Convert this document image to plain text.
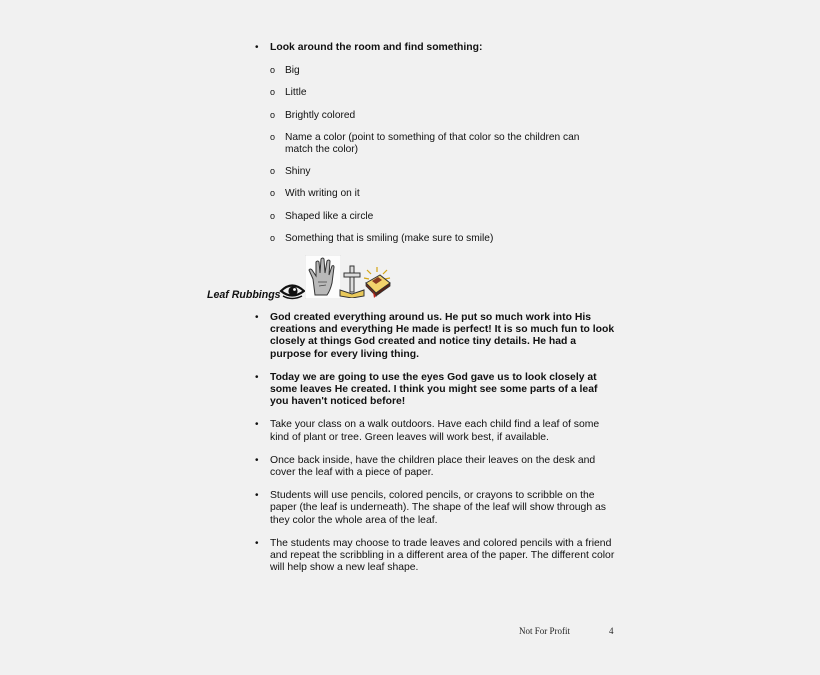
• Look around the room and find something:
o Big
o Little
o Brightly colored
o Name a color (point to something of that color so the children can match the color)
o Shiny
o With writing on it
o Shaped like a circle
o Something that is smiling (make sure to smile)
Leaf Rubbings
• God created everything around us. He put so much work into His creations and everything He made is perfect! It is so much fun to look closely at things God created and notice tiny details. He had a purpose for every living thing.
• Today we are going to use the eyes God gave us to look closely at some leaves He created. I think you might see some parts of a leaf you haven't noticed before!
• Take your class on a walk outdoors. Have each child find a leaf of some kind of plant or tree. Green leaves will work best, if available.
• Once back inside, have the children place their leaves on the desk and cover the leaf with a piece of paper.
• Students will use pencils, colored pencils, or crayons to scribble on the paper (the leaf is underneath). The shape of the leaf will show through as they color the whole area of the leaf.
• The students may choose to trade leaves and colored pencils with a friend and repeat the scribbling in a different area of the paper. The different color will help show a new leaf shape.
Not For Profit	4
